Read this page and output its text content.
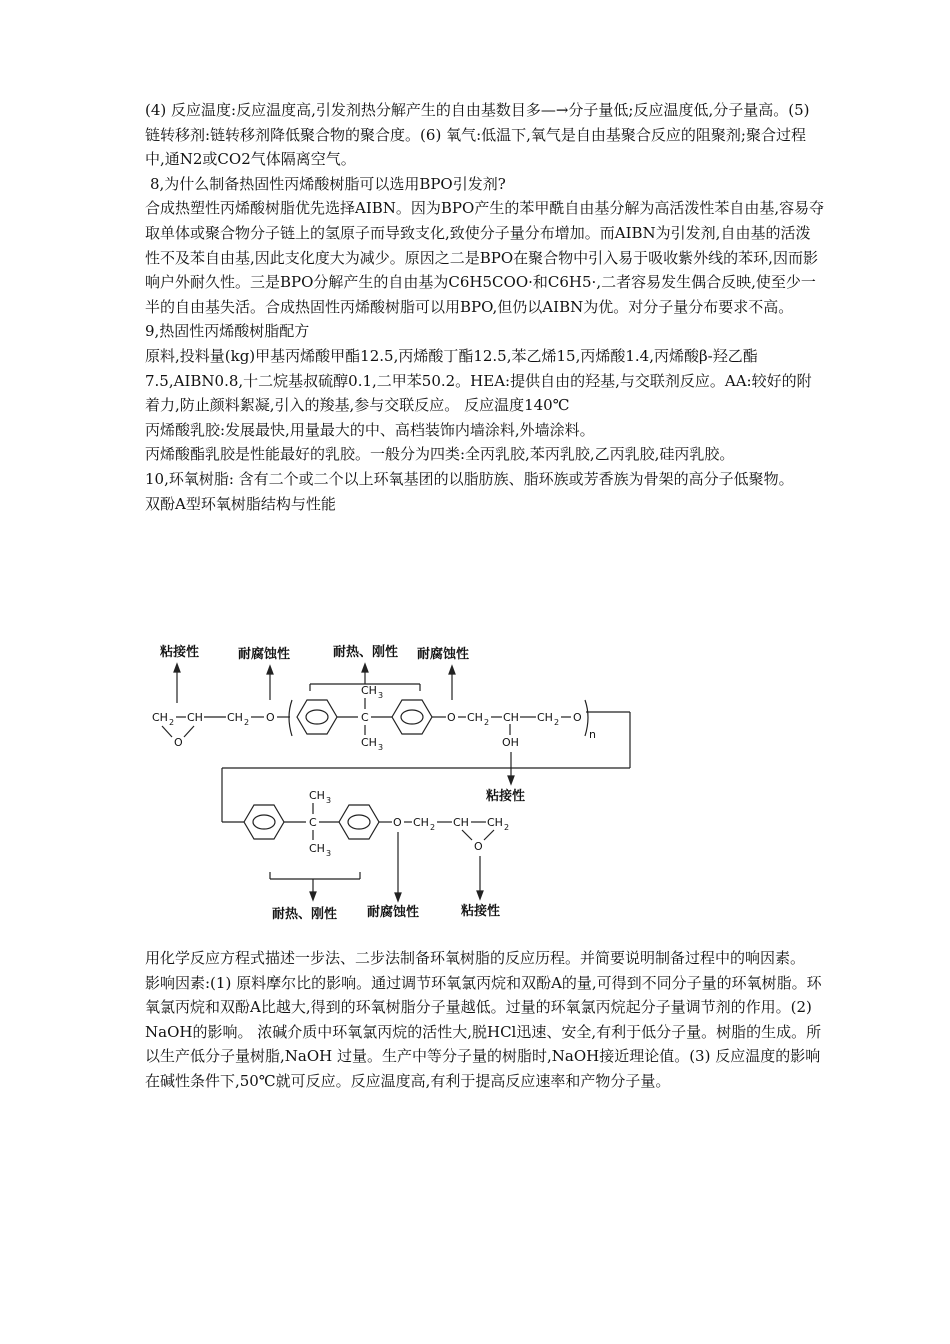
(4) 反应温度:反应温度高,引发剂热分解产生的自由基数目多—→分子量低;反应温度低,分子量高。(5) 链转移剂:链转移剂降低聚合物的聚合度。(6) 氧气:低温下,氧气是自由基聚合反应的阻聚剂;聚合过程中,通N2或CO2气体隔离空气。

8,为什么制备热固性丙烯酸树脂可以选用BPO引发剂?

合成热塑性丙烯酸树脂优先选择AIBN。因为BPO产生的苯甲酰自由基分解为高活泼性苯自由基,容易夺取单体或聚合物分子链上的氢原子而导致支化,致使分子量分布增加。而AIBN为引发剂,自由基的活泼性不及苯自由基,因此支化度大为减少。原因之二是BPO在聚合物中引入易于吸收紫外线的苯环,因而影响户外耐久性。三是BPO分解产生的自由基为C6H5COO·和C6H5·,二者容易发生偶合反映,使至少一半的自由基失活。合成热固性丙烯酸树脂可以用BPO,但仍以AIBN为优。对分子量分布要求不高。

9,热固性丙烯酸树脂配方

原料,投料量(kg)甲基丙烯酸甲酯12.5,丙烯酸丁酯12.5,苯乙烯15,丙烯酸1.4,丙烯酸β-羟乙酯 7.5,AIBN0.8,十二烷基叔硫醇0.1,二甲苯50.2。HEA:提供自由的羟基,与交联剂反应。AA:较好的附着力,防止颜料絮凝,引入的羧基,参与交联反应。 反应温度140℃

丙烯酸乳胶:发展最快,用量最大的中、高档装饰内墙涂料,外墙涂料。

丙烯酸酯乳胶是性能最好的乳胶。一般分为四类:全丙乳胶,苯丙乳胶,乙丙乳胶,硅丙乳胶。

10,环氧树脂: 含有二个或二个以上环氧基团的以脂肪族、脂环族或芳香族为骨架的高分子低聚物。

双酚A型环氧树脂结构与性能

粘接性	耐腐蚀性	耐热、刚性 耐腐蚀性
CH 2 CH CH 2 O
O
C
CH 3
CH 3
O CH 2 CH
OH
CH 2 O
n
粘接性
C
CH 3
CH 3
O CH 2 CH CH 2
O
耐热、刚性 耐腐蚀性	粘接性

用化学反应方程式描述一步法、二步法制备环氧树脂的反应历程。并简要说明制备过程中的响因素。

影响因素:(1) 原料摩尔比的影响。通过调节环氧氯丙烷和双酚A的量,可得到不同分子量的环氧树脂。环氧氯丙烷和双酚A比越大,得到的环氧树脂分子量越低。过量的环氧氯丙烷起分子量调节剂的作用。(2) NaOH的影响。 浓碱介质中环氧氯丙烷的活性大,脱HCl迅速、安全,有利于低分子量。树脂的生成。所以生产低分子量树脂,NaOH 过量。生产中等分子量的树脂时,NaOH接近理论值。(3) 反应温度的影响 在碱性条件下,50℃就可反应。反应温度高,有利于提高反应速率和产物分子量。
